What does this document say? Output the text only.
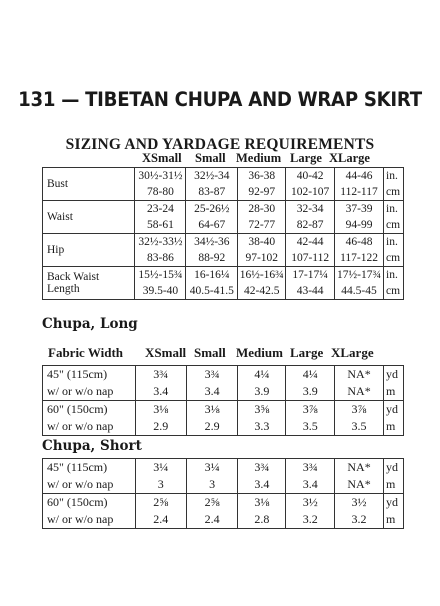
131 — TIBETAN CHUPA AND WRAP SKIRT
SIZING AND YARDAGE REQUIREMENTS
XSmall Small Medium Large XLarge
Bust	30½-31½	32½-34	36-38	40-42	44-46	in.
	78-80	83-87	92-97	102-107	112-117	cm
Waist	23-24	25-26½	28-30	32-34	37-39	in.
	58-61	64-67	72-77	82-87	94-99	cm
Hip	32½-33½	34½-36	38-40	42-44	46-48	in.
	83-86	88-92	97-102	107-112	117-122	cm

Back Waist
Length	15½-15¾	16-16¼	16½-16¾	17-17¼	17½-17¾	in.
	39.5-40	40.5-41.5	42-42.5	43-44	44.5-45	cm
Chupa, Long
Fabric Width XSmall Small Medium Large XLarge
45" (115cm)	3¾	3¾	4¼	4¼	NA*	yd
w/ or w/o nap	3.4	3.4	3.9	3.9	NA*	m
60" (150cm)	3⅛	3⅛	3⅝	3⅞	3⅞	yd
w/ or w/o nap	2.9	2.9	3.3	3.5	3.5	m
Chupa, Short
45" (115cm)	3¼	3¼	3¾	3¾	NA*	yd
w/ or w/o nap	3	3	3.4	3.4	NA*	m
60" (150cm)	2⅝	2⅝	3⅛	3½	3½	yd
w/ or w/o nap	2.4	2.4	2.8	3.2	3.2	m
